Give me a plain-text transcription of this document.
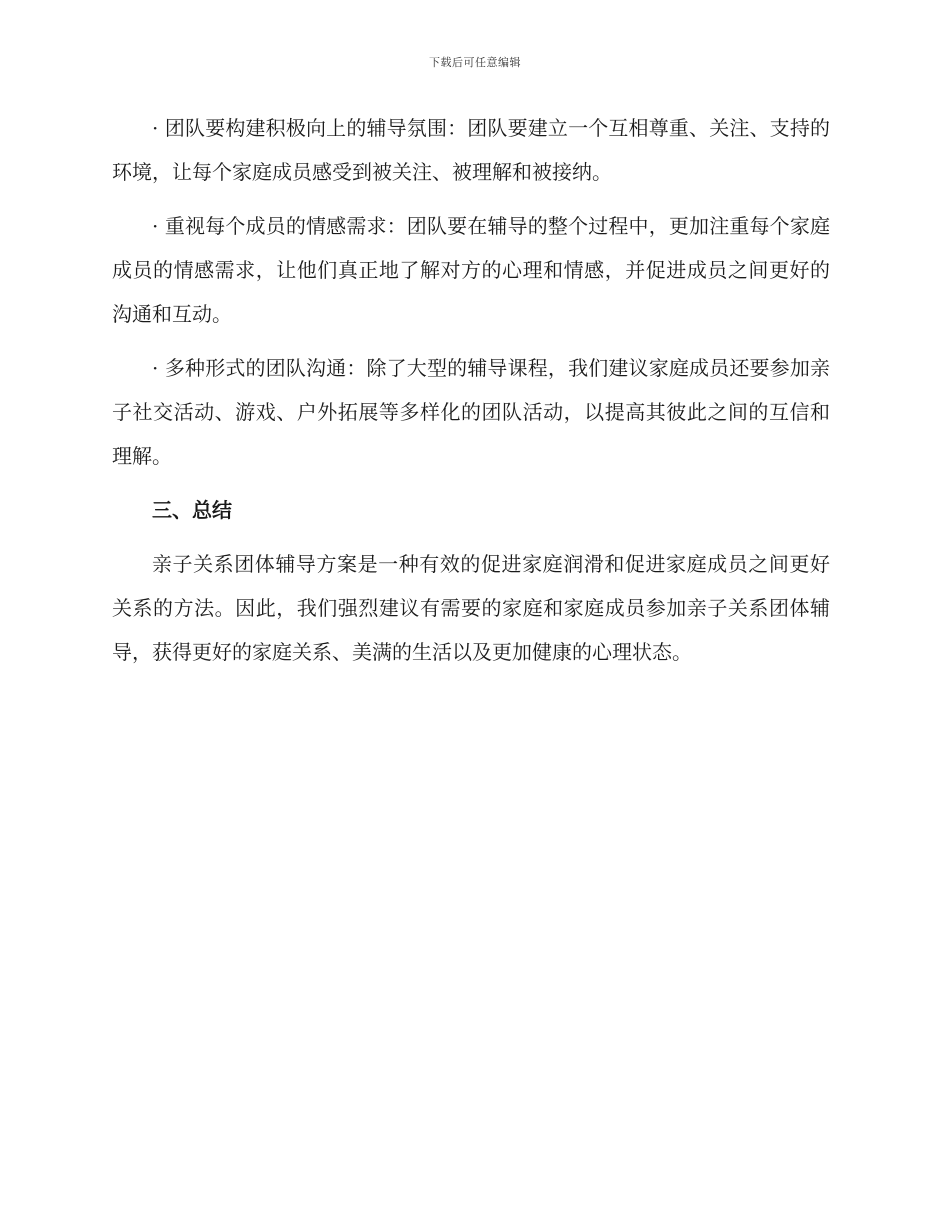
下载后可任意编辑

· 团队要构建积极向上的辅导氛围：团队要建立一个互相尊重、关注、支持的环境，让每个家庭成员感受到被关注、被理解和被接纳。

· 重视每个成员的情感需求：团队要在辅导的整个过程中，更加注重每个家庭成员的情感需求，让他们真正地了解对方的心理和情感，并促进成员之间更好的沟通和互动。

· 多种形式的团队沟通：除了大型的辅导课程，我们建议家庭成员还要参加亲子社交活动、游戏、户外拓展等多样化的团队活动，以提高其彼此之间的互信和理解。

三、总结

亲子关系团体辅导方案是一种有效的促进家庭润滑和促进家庭成员之间更好关系的方法。因此，我们强烈建议有需要的家庭和家庭成员参加亲子关系团体辅导，获得更好的家庭关系、美满的生活以及更加健康的心理状态。
